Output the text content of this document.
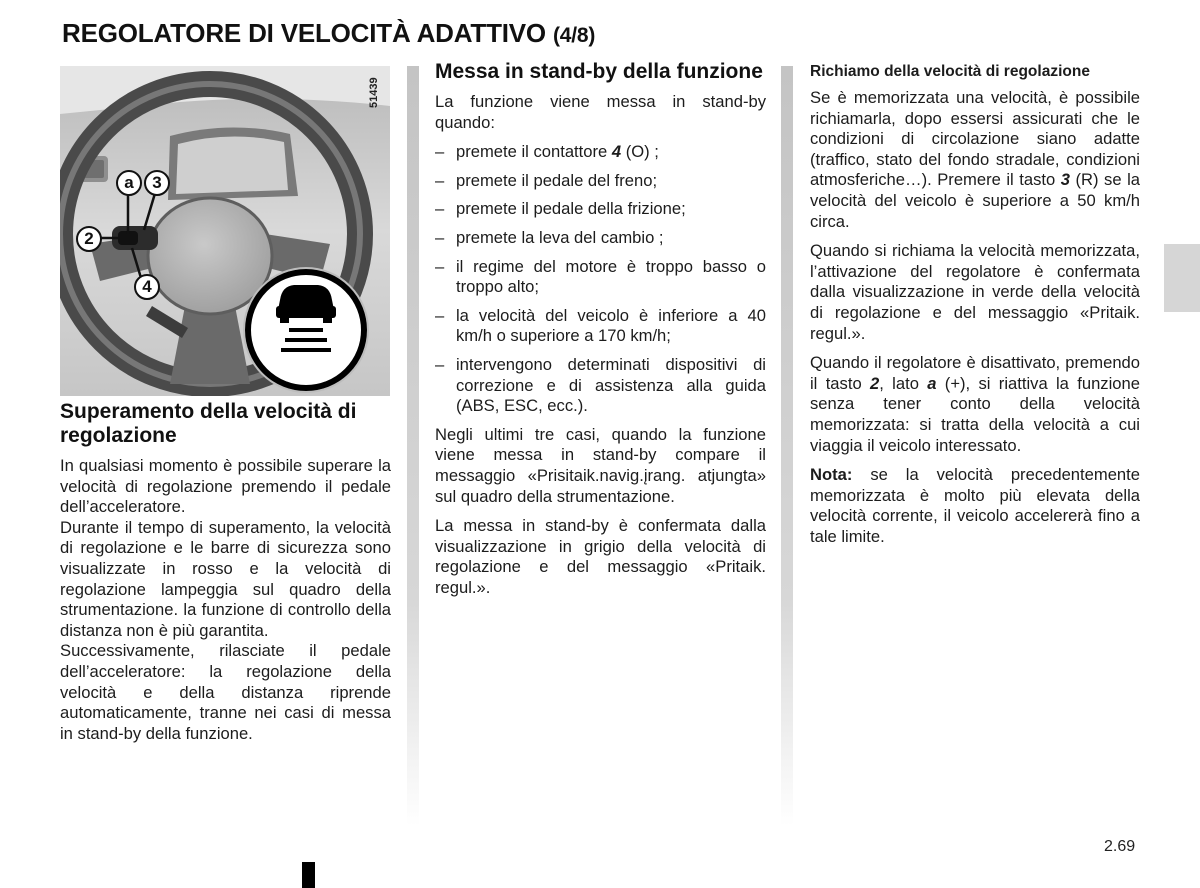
REGOLATORE DI VELOCITÀ ADATTIVO (4/8)
51439
a	3
2
4
Superamento della velocità di regolazione

In qualsiasi momento è possibile superare la velocità di regolazione premendo il pedale dell’acceleratore.

Durante il tempo di superamento, la velocità di regolazione e le barre di sicurezza sono visualizzate in rosso e la velocità di regolazione lampeggia sul quadro della strumentazione. la funzione di controllo della distanza non è più garantita.

Successivamente, rilasciate il pedale dell’acceleratore: la regolazione della velocità e della distanza riprende automaticamente, tranne nei casi di messa in stand-by della funzione.

Messa in stand-by della funzione

La funzione viene messa in stand-by quando:

– premete il contattore 4 (O) ;
– premete il pedale del freno;
– premete il pedale della frizione;
– premete la leva del cambio ;
– il regime del motore è troppo basso o troppo alto;
– la velocità del veicolo è inferiore a 40 km/h o superiore a 170 km/h;
– intervengono determinati dispositivi di correzione e di assistenza alla guida (ABS, ESC, ecc.).

Negli ultimi tre casi, quando la funzione viene messa in stand-by compare il messaggio «Prisitaik.navig.įrang. atjungta» sul quadro della strumentazione.

La messa in stand-by è confermata dalla visualizzazione in grigio della velocità di regolazione e del messaggio «Pritaik. regul.».

Richiamo della velocità di regolazione

Se è memorizzata una velocità, è possibile richiamarla, dopo essersi assicurati che le condizioni di circolazione siano adatte (traffico, stato del fondo stradale, condizioni atmosferiche…). Premere il tasto 3 (R) se la velocità del veicolo è superiore a 50 km/h circa.

Quando si richiama la velocità memorizzata, l’attivazione del regolatore è confermata dalla visualizzazione in verde della velocità di regolazione e del messaggio «Pritaik. regul.».

Quando il regolatore è disattivato, premendo il tasto 2, lato a (+), si riattiva la funzione senza tener conto della velocità memorizzata: si tratta della velocità a cui viaggia il veicolo interessato.

Nota: se la velocità precedentemente memorizzata è molto più elevata della velocità corrente, il veicolo accelererà fino a tale limite.

2.69
